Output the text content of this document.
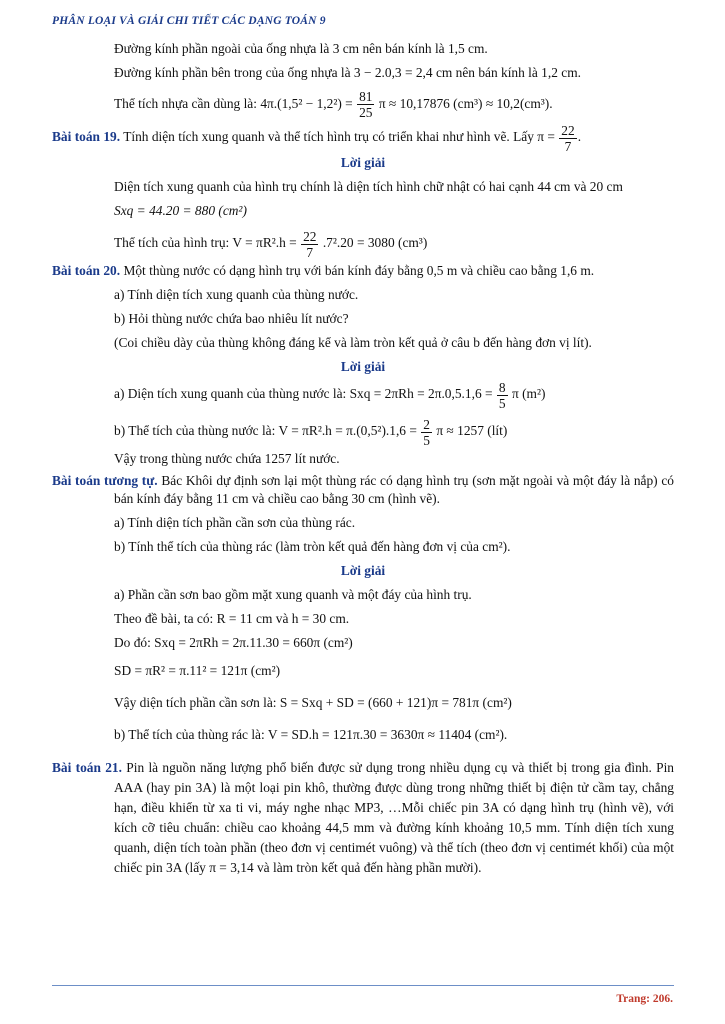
PHÂN LOẠI VÀ GIẢI CHI TIẾT CÁC DẠNG TOÁN 9

Đường kính phần ngoài của ống nhựa là 3 cm nên bán kính là 1,5 cm.

Đường kính phần bên trong của ống nhựa là 3 − 2.0,3 = 2,4 cm nên bán kính là 1,2 cm.

Thể tích nhựa cần dùng là: $4\pi.(1,5^2 - 1,2^2) = \frac{81}{25}$ π ≈ 10,17876 (cm³) ≈ 10,2(cm³).

Bài toán 19. Tính diện tích xung quanh và thể tích hình trụ có triển khai như hình vẽ. Lấy $\pi = \frac{22}{7}$ .

Lời giải

Diện tích xung quanh của hình trụ chính là diện tích hình chữ nhật có hai cạnh 44 cm và 20 cm

Sxq = 44.20 = 880 (cm²)

Thể tích của hình trụ: $V = \pi R^2.h = \frac{22}{7} .7^2.20 = 3080$ (cm³)

Bài toán 20. Một thùng nước có dạng hình trụ với bán kính đáy bằng 0,5 m và chiều cao bằng 1,6 m.

a) Tính diện tích xung quanh của thùng nước.

b) Hỏi thùng nước chứa bao nhiêu lít nước?

(Coi chiều dày của thùng không đáng kể và làm tròn kết quả ở câu b đến hàng đơn vị lít).

Lời giải

a) Diện tích xung quanh của thùng nước là: Sxq = $2\pi Rh = 2\pi.0,5.1,6 = \frac{8}{5}$ π (m²)

b) Thể tích của thùng nước là: $V = \pi R^2.h = \pi.(0,5^2).1,6 = \frac{2}{5}$ π ≈ 1257 (lít)

Vậy trong thùng nước chứa 1257 lít nước.

Bài toán tương tự. Bác Khôi dự định sơn lại một thùng rác có dạng hình trụ (sơn mặt ngoài và một đáy là nắp) có bán kính đáy bằng 11 cm và chiều cao bằng 30 cm (hình vẽ).

a) Tính diện tích phần cần sơn của thùng rác.

b) Tính thể tích của thùng rác (làm tròn kết quả đến hàng đơn vị của cm²).

Lời giải

a) Phần cần sơn bao gồm mặt xung quanh và một đáy của hình trụ.

Theo đề bài, ta có: R = 11 cm và h = 30 cm.

Do đó: Sxq = 2πRh = 2π.11.30 = 660π (cm²)

SD = πR² = π.11² = 121π (cm²)

Vậy diện tích phần cần sơn là: S = Sxq + SD = (660 + 121)π = 781π (cm²)

b) Thể tích của thùng rác là: V = SD.h = 121π.30 = 3630π ≈ 11404 (cm²).

Bài toán 21. Pin là nguồn năng lượng phổ biến được sử dụng trong nhiều dụng cụ và thiết bị trong gia đình. Pin AAA (hay pin 3A) là một loại pin khô, thường được dùng trong những thiết bị điện tử cầm tay, chẳng hạn, điều khiển từ xa ti vi, máy nghe nhạc MP3, …Mỗi chiếc pin 3A có dạng hình trụ (hình vẽ), với kích cỡ tiêu chuẩn: chiều cao khoảng 44,5 mm và đường kính khoảng 10,5 mm. Tính diện tích xung quanh, diện tích toàn phần (theo đơn vị centimét vuông) và thể tích (theo đơn vị centimét khối) của một chiếc pin 3A (lấy π = 3,14 và làm tròn kết quả đến hàng phần mười).

Trang: 206.
